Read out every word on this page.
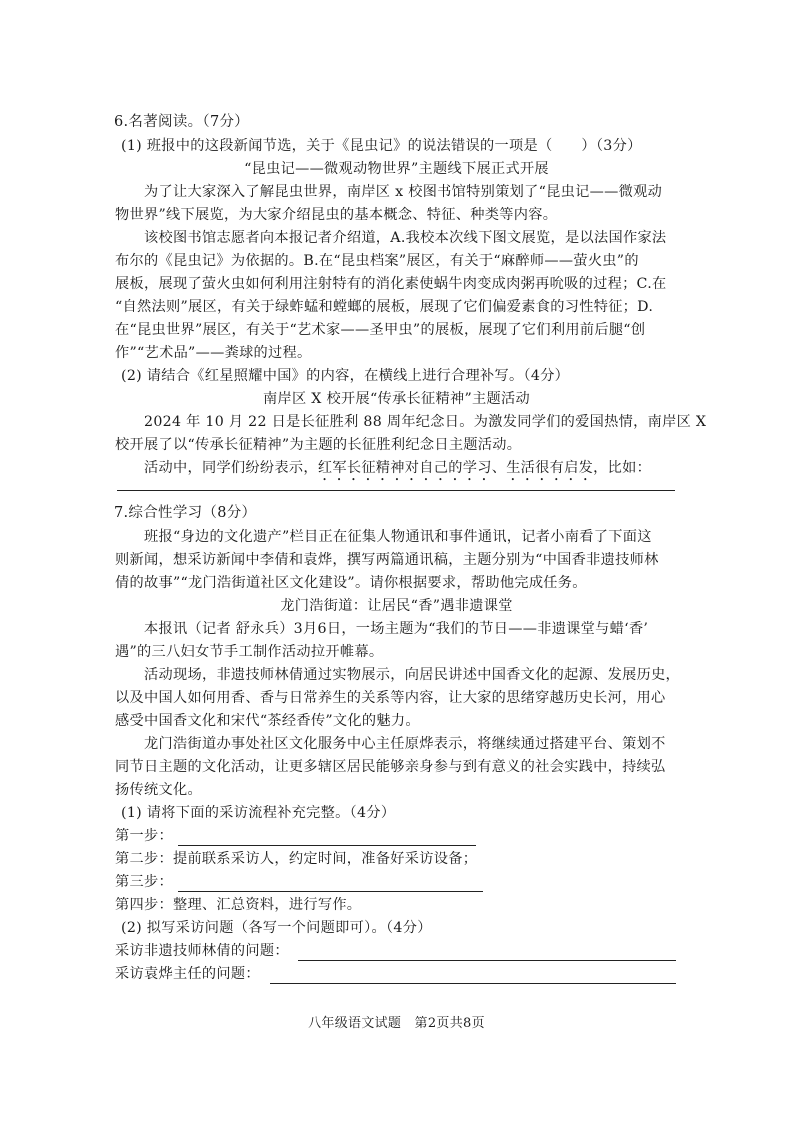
6.名著阅读。（7分）
(1) 班报中的这段新闻节选，关于《昆虫记》的说法错误的一项是（　　）（3分）
“昆虫记——微观动物世界”主题线下展正式开展
为了让大家深入了解昆虫世界，南岸区 x 校图书馆特别策划了“昆虫记——微观动
物世界”线下展览，为大家介绍昆虫的基本概念、特征、种类等内容。
该校图书馆志愿者向本报记者介绍道，A.我校本次线下图文展览，是以法国作家法
布尔的《昆虫记》为依据的。B.在“昆虫档案”展区，有关于“麻醉师——萤火虫”的
展板，展现了萤火虫如何利用注射特有的消化素使蜗牛肉变成肉粥再吮吸的过程；C.在
“自然法则”展区，有关于绿蚱蜢和螳螂的展板，展现了它们偏爱素食的习性特征；D.
在“昆虫世界”展区，有关于“艺术家——圣甲虫”的展板，展现了它们利用前后腿“创
作”“艺术品”——粪球的过程。
(2) 请结合《红星照耀中国》的内容，在横线上进行合理补写。（4分）
南岸区 X 校开展“传承长征精神”主题活动
2024 年 10 月 22 日是长征胜利 88 周年纪念日。为激发同学们的爱国热情，南岸区 X
校开展了以“传承长征精神”为主题的长征胜利纪念日主题活动。
活动中，同学们纷纷表示，红军长征精神对自己的学习、生活很有启发，比如：
7.综合性学习（8分）
班报“身边的文化遗产”栏目正在征集人物通讯和事件通讯，记者小南看了下面这
则新闻，想采访新闻中李倩和袁烨，撰写两篇通讯稿，主题分别为“中国香非遗技师林
倩的故事”“龙门浩街道社区文化建设”。请你根据要求，帮助他完成任务。
龙门浩街道：让居民“香”遇非遗课堂
本报讯（记者 舒永兵）3月6日，一场主题为“我们的节日——非遗课堂与蜡‘香’
遇”的三八妇女节手工制作活动拉开帷幕。
活动现场，非遗技师林倩通过实物展示，向居民讲述中国香文化的起源、发展历史，
以及中国人如何用香、香与日常养生的关系等内容，让大家的思绪穿越历史长河，用心
感受中国香文化和宋代“茶经香传”文化的魅力。
龙门浩街道办事处社区文化服务中心主任原烨表示，将继续通过搭建平台、策划不
同节日主题的文化活动，让更多辖区居民能够亲身参与到有意义的社会实践中，持续弘
扬传统文化。
(1) 请将下面的采访流程补充完整。（4分）
第一步：
第二步：提前联系采访人，约定时间，准备好采访设备；
第三步：
第四步：整理、汇总资料，进行写作。
(2) 拟写采访问题（各写一个问题即可）。（4分）
采访非遗技师林倩的问题：
采访袁烨主任的问题：
八年级语文试题　第2页共8页
